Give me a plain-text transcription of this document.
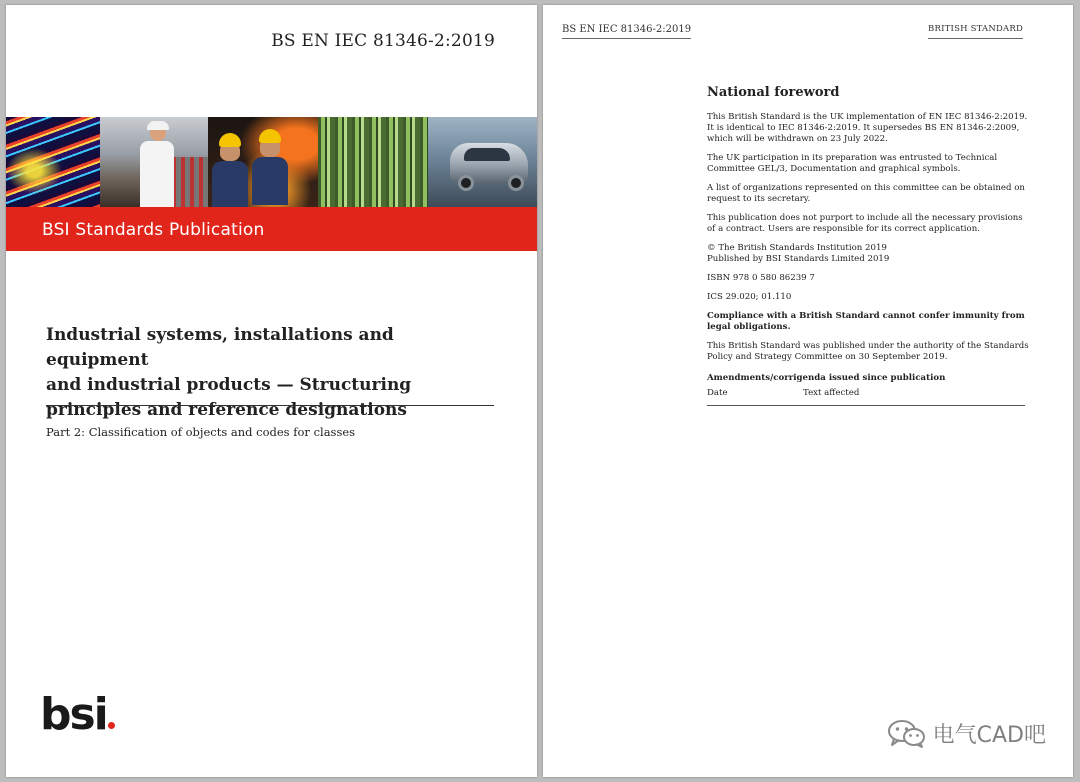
BS EN IEC 81346-2:2019
BSI Standards Publication
Industrial systems, installations and equipment
and industrial products — Structuring
principles and reference designations
Part 2: Classification of objects and codes for classes
bsi
BS EN IEC 81346-2:2019	BRITISH STANDARD
National foreword

This British Standard is the UK implementation of EN IEC 81346-2:2019. It is identical to IEC 81346-2:2019. It supersedes BS EN 81346-2:2009, which will be withdrawn on 23 July 2022.

The UK participation in its preparation was entrusted to Technical Committee GEL/3, Documentation and graphical symbols.

A list of organizations represented on this committee can be obtained on request to its secretary.

This publication does not purport to include all the necessary provisions of a contract. Users are responsible for its correct application.

© The British Standards Institution 2019

Published by BSI Standards Limited 2019

ISBN 978 0 580 86239 7

ICS 29.020; 01.110

Compliance with a British Standard cannot confer immunity from legal obligations.

This British Standard was published under the authority of the Standards Policy and Strategy Committee on 30 September 2019.

Amendments/corrigenda issued since publication
Date	Text affected
电气CAD吧
